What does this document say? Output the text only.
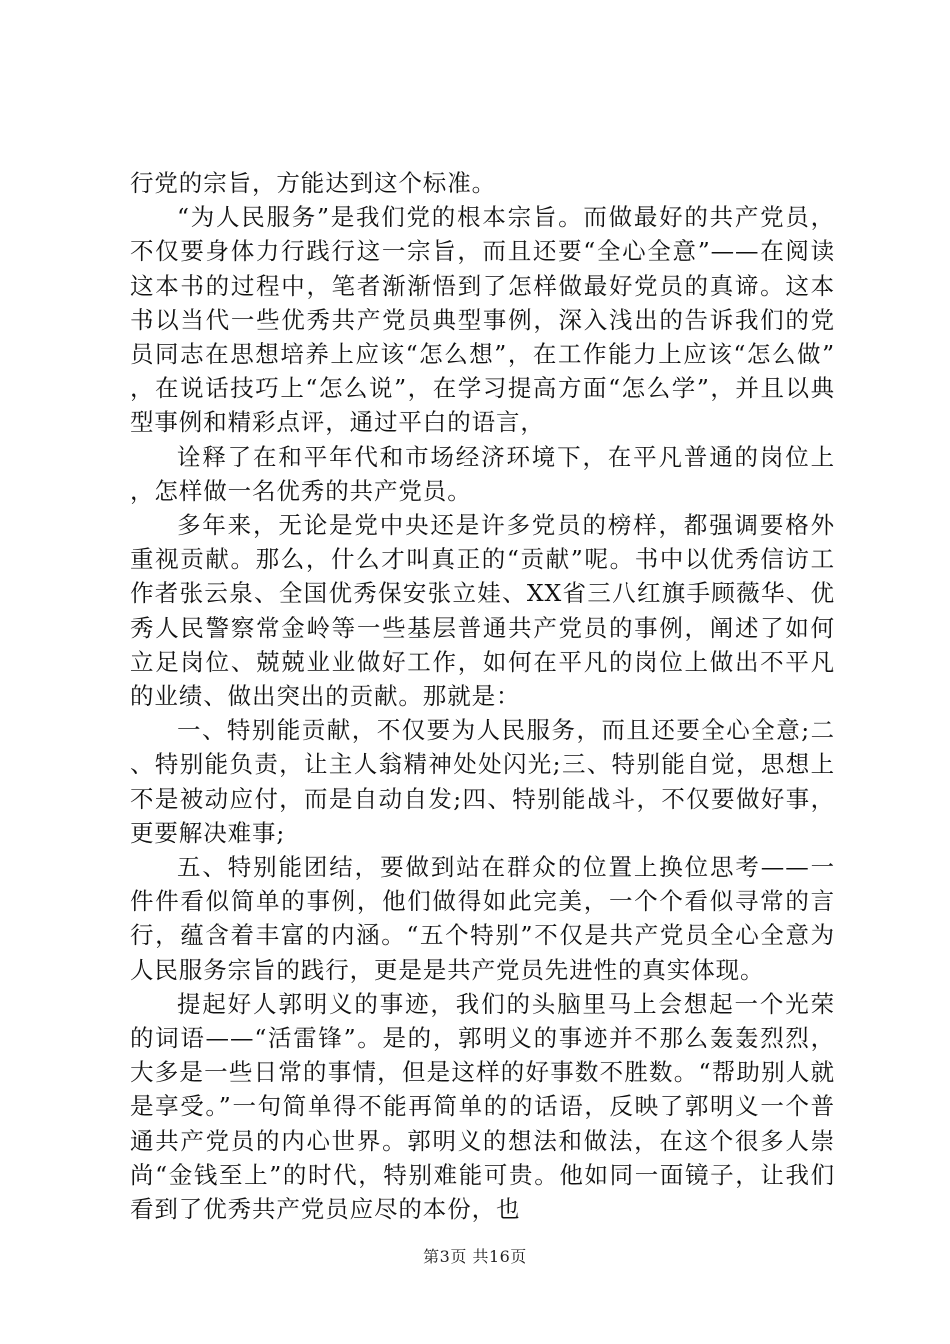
行党的宗旨，方能达到这个标准。

“为人民服务”是我们党的根本宗旨。而做最好的共产党员，不仅要身体力行践行这一宗旨，而且还要“全心全意”——在阅读这本书的过程中，笔者渐渐悟到了怎样做最好党员的真谛。这本书以当代一些优秀共产党员典型事例，深入浅出的告诉我们的党员同志在思想培养上应该“怎么想”，在工作能力上应该“怎么做”，在说话技巧上“怎么说”，在学习提高方面“怎么学”，并且以典型事例和精彩点评，通过平白的语言，

诠释了在和平年代和市场经济环境下，在平凡普通的岗位上，怎样做一名优秀的共产党员。

多年来，无论是党中央还是许多党员的榜样，都强调要格外重视贡献。那么，什么才叫真正的“贡献”呢。书中以优秀信访工作者张云泉、全国优秀保安张立娃、XX省三八红旗手顾薇华、优秀人民警察常金岭等一些基层普通共产党员的事例，阐述了如何立足岗位、兢兢业业做好工作，如何在平凡的岗位上做出不平凡的业绩、做出突出的贡献。那就是：

一、特别能贡献，不仅要为人民服务，而且还要全心全意;二、特别能负责，让主人翁精神处处闪光;三、特别能自觉，思想上不是被动应付，而是自动自发;四、特别能战斗，不仅要做好事，更要解决难事;

五、特别能团结，要做到站在群众的位置上换位思考——一件件看似简单的事例，他们做得如此完美，一个个看似寻常的言行，蕴含着丰富的内涵。“五个特别”不仅是共产党员全心全意为人民服务宗旨的践行，更是是共产党员先进性的真实体现。

提起好人郭明义的事迹，我们的头脑里马上会想起一个光荣的词语——“活雷锋”。是的，郭明义的事迹并不那么轰轰烈烈，大多是一些日常的事情，但是这样的好事数不胜数。“帮助别人就是享受。”一句简单得不能再简单的的话语，反映了郭明义一个普通共产党员的内心世界。郭明义的想法和做法，在这个很多人崇尚“金钱至上”的时代，特别难能可贵。他如同一面镜子，让我们看到了优秀共产党员应尽的本份，也

第3页 共16页
